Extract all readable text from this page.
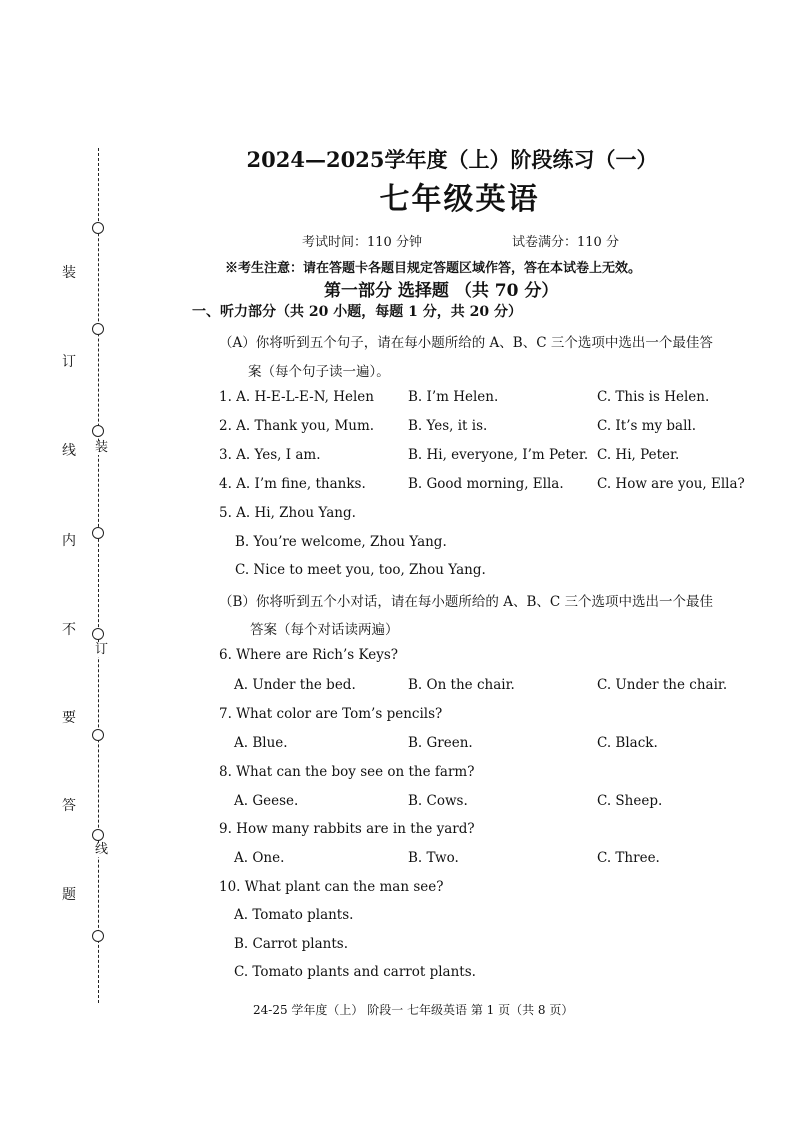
装
订
线
内
不
要
答
题
装
订
线
2024—2025学年度（上）阶段练习（一）
七年级英语
考试时间：110 分钟	试卷满分：110 分
※考生注意：请在答题卡各题目规定答题区域作答，答在本试卷上无效。
第一部分 选择题 （共 70 分）
一、听力部分（共 20 小题，每题 1 分，共 20 分）
（A）你将听到五个句子，请在每小题所给的 A、B、C 三个选项中选出一个最佳答
案（每个句子读一遍）。
1. A. H-E-L-E-N, Helen	B. I’m Helen.	C. This is Helen.
2. A. Thank you, Mum.	B. Yes, it is.	C. It’s my ball.
3. A. Yes, I am.	B. Hi, everyone, I’m Peter. C. Hi, Peter.
4. A. I’m fine, thanks.	B. Good morning, Ella. C. How are you, Ella?
5. A. Hi, Zhou Yang.
B. You’re welcome, Zhou Yang.
C. Nice to meet you, too, Zhou Yang.
（B）你将听到五个小对话，请在每小题所给的 A、B、C 三个选项中选出一个最佳
答案（每个对话读两遍）
6. Where are Rich’s Keys?
A. Under the bed.	B. On the chair.	C. Under the chair.
7. What color are Tom’s pencils?
A. Blue.	B. Green.	C. Black.
8. What can the boy see on the farm?
A. Geese.	B. Cows.	C. Sheep.
9. How many rabbits are in the yard?
A. One.	B. Two.	C. Three.
10. What plant can the man see?
A. Tomato plants.
B. Carrot plants.
C. Tomato plants and carrot plants.
24-25 学年度（上） 阶段一 七年级英语 第 1 页（共 8 页）
